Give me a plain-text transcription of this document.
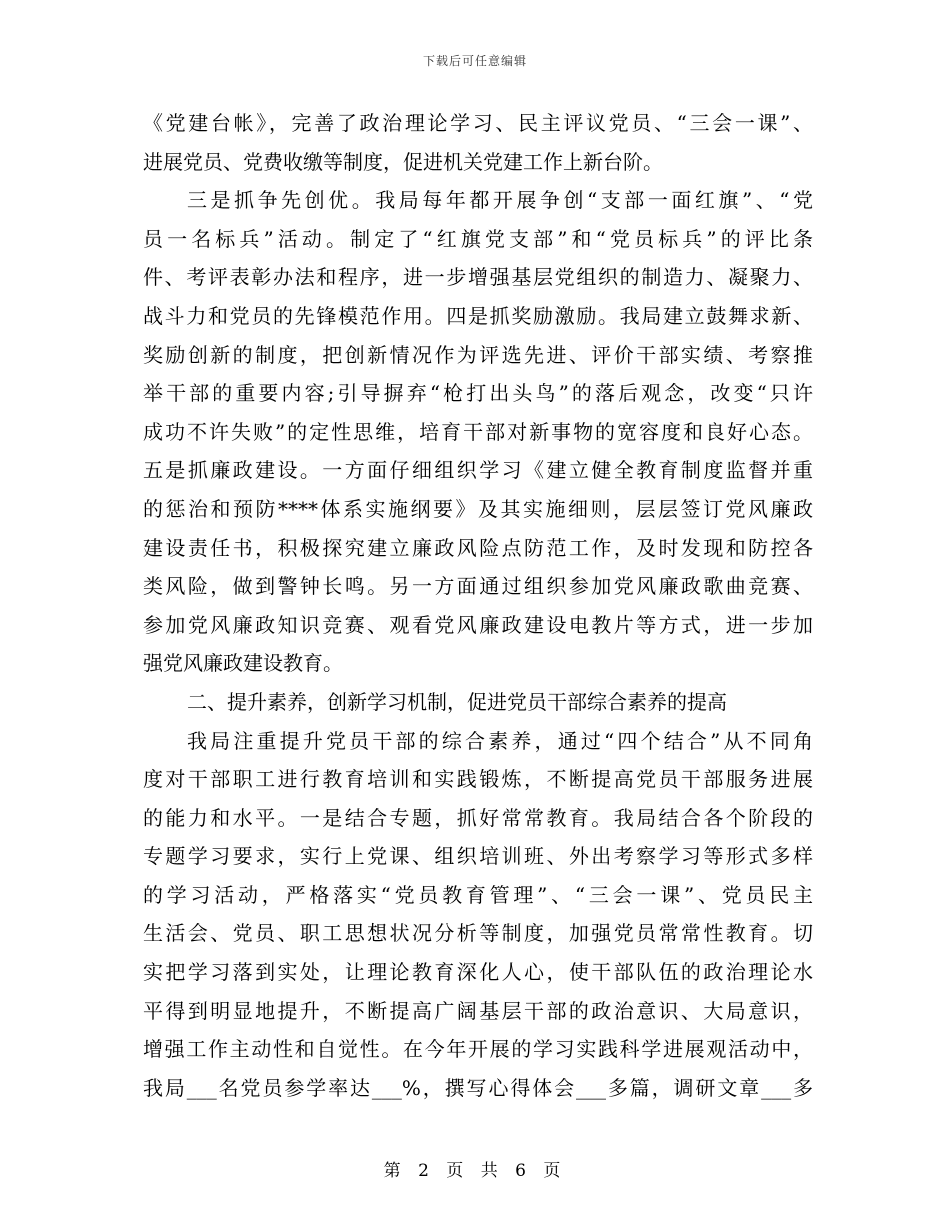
下载后可任意编辑
《党建台帐》，完善了政治理论学习、民主评议党员、“三会一课”、
进展党员、党费收缴等制度，促进机关党建工作上新台阶。
三是抓争先创优。我局每年都开展争创“支部一面红旗”、“党
员一名标兵”活动。制定了“红旗党支部”和“党员标兵”的评比条
件、考评表彰办法和程序，进一步增强基层党组织的制造力、凝聚力、
战斗力和党员的先锋模范作用。四是抓奖励激励。我局建立鼓舞求新、
奖励创新的制度，把创新情况作为评选先进、评价干部实绩、考察推
举干部的重要内容;引导摒弃“枪打出头鸟”的落后观念，改变“只许
成功不许失败”的定性思维，培育干部对新事物的宽容度和良好心态。
五是抓廉政建设。一方面仔细组织学习《建立健全教育制度监督并重
的惩治和预防****体系实施纲要》及其实施细则，层层签订党风廉政
建设责任书，积极探究建立廉政风险点防范工作，及时发现和防控各
类风险，做到警钟长鸣。另一方面通过组织参加党风廉政歌曲竞赛、
参加党风廉政知识竞赛、观看党风廉政建设电教片等方式，进一步加
强党风廉政建设教育。
二、提升素养，创新学习机制，促进党员干部综合素养的提高
我局注重提升党员干部的综合素养，通过“四个结合”从不同角
度对干部职工进行教育培训和实践锻炼，不断提高党员干部服务进展
的能力和水平。一是结合专题，抓好常常教育。我局结合各个阶段的
专题学习要求，实行上党课、组织培训班、外出考察学习等形式多样
的学习活动，严格落实“党员教育管理”、“三会一课”、党员民主
生活会、党员、职工思想状况分析等制度，加强党员常常性教育。切
实把学习落到实处，让理论教育深化人心，使干部队伍的政治理论水
平得到明显地提升，不断提高广阔基层干部的政治意识、大局意识，
增强工作主动性和自觉性。在今年开展的学习实践科学进展观活动中，
我局___名党员参学率达___%，撰写心得体会___多篇，调研文章___多
第 2 页 共 6 页
